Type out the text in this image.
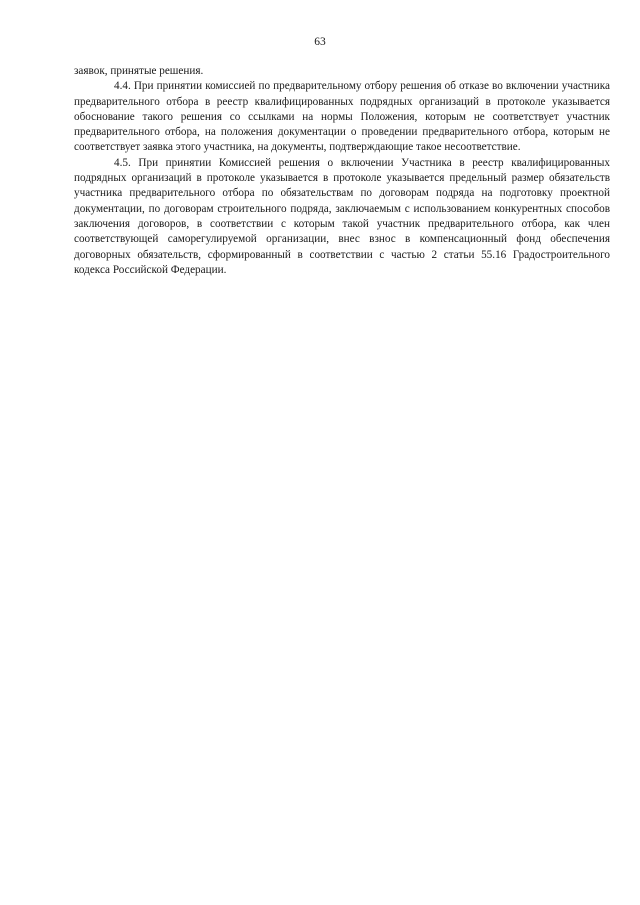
63

заявок, принятые решения.

4.4. При принятии комиссией по предварительному отбору решения об отказе во включении участника предварительного отбора в реестр квалифицированных подрядных организаций в протоколе указывается обоснование такого решения со ссылками на нормы Положения, которым не соответствует участник предварительного отбора, на положения документации о проведении предварительного отбора, которым не соответствует заявка этого участника, на документы, подтверждающие такое несоответствие.

4.5. При принятии Комиссией решения о включении Участника в реестр квалифицированных подрядных организаций в протоколе указывается в протоколе указывается предельный размер обязательств участника предварительного отбора по обязательствам по договорам подряда на подготовку проектной документации, по договорам строительного подряда, заключаемым с использованием конкурентных способов заключения договоров, в соответствии с которым такой участник предварительного отбора, как член соответствующей саморегулируемой организации, внес взнос в компенсационный фонд обеспечения договорных обязательств, сформированный в соответствии с частью 2 статьи 55.16 Градостроительного кодекса Российской Федерации.
